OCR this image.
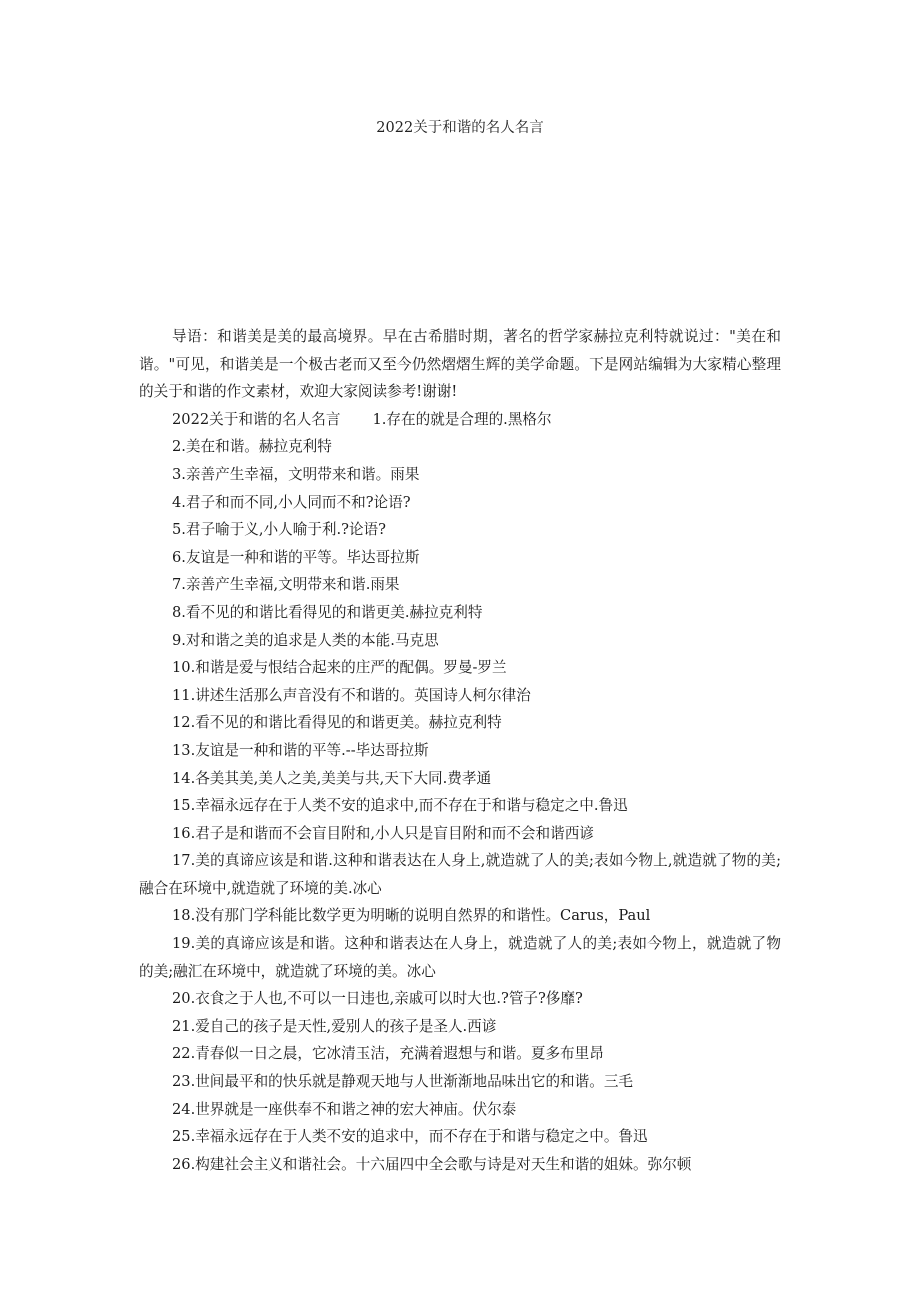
2022关于和谐的名人名言

导语：和谐美是美的最高境界。早在古希腊时期，著名的哲学家赫拉克利特就说过："美在和谐。"可见，和谐美是一个极古老而又至今仍然熠熠生辉的美学命题。下是网站编辑为大家精心整理的关于和谐的作文素材，欢迎大家阅读参考!谢谢!

2022关于和谐的名人名言 1.存在的就是合理的.黑格尔

2.美在和谐。赫拉克利特

3.亲善产生幸福，文明带来和谐。雨果

4.君子和而不同,小人同而不和?论语?

5.君子喻于义,小人喻于利.?论语?

6.友谊是一种和谐的平等。毕达哥拉斯

7.亲善产生幸福,文明带来和谐.雨果

8.看不见的和谐比看得见的和谐更美.赫拉克利特

9.对和谐之美的追求是人类的本能.马克思

10.和谐是爱与恨结合起来的庄严的配偶。罗曼-罗兰

11.讲述生活那么声音没有不和谐的。英国诗人柯尔律治

12.看不见的和谐比看得见的和谐更美。赫拉克利特

13.友谊是一种和谐的平等.--毕达哥拉斯

14.各美其美,美人之美,美美与共,天下大同.费孝通

15.幸福永远存在于人类不安的追求中,而不存在于和谐与稳定之中.鲁迅

16.君子是和谐而不会盲目附和,小人只是盲目附和而不会和谐西谚

17.美的真谛应该是和谐.这种和谐表达在人身上,就造就了人的美;表如今物上,就造就了物的美;融合在环境中,就造就了环境的美.冰心

18.没有那门学科能比数学更为明晰的说明自然界的和谐性。Carus，Paul

19.美的真谛应该是和谐。这种和谐表达在人身上，就造就了人的美;表如今物上，就造就了物的美;融汇在环境中，就造就了环境的美。冰心

20.衣食之于人也,不可以一日违也,亲戚可以时大也.?管子?侈靡?

21.爱自己的孩子是天性,爱别人的孩子是圣人.西谚

22.青春似一日之晨，它冰清玉洁，充满着遐想与和谐。夏多布里昂

23.世间最平和的快乐就是静观天地与人世渐渐地品味出它的和谐。三毛

24.世界就是一座供奉不和谐之神的宏大神庙。伏尔泰

25.幸福永远存在于人类不安的追求中，而不存在于和谐与稳定之中。鲁迅

26.构建社会主义和谐社会。十六届四中全会歌与诗是对天生和谐的姐妹。弥尔顿
